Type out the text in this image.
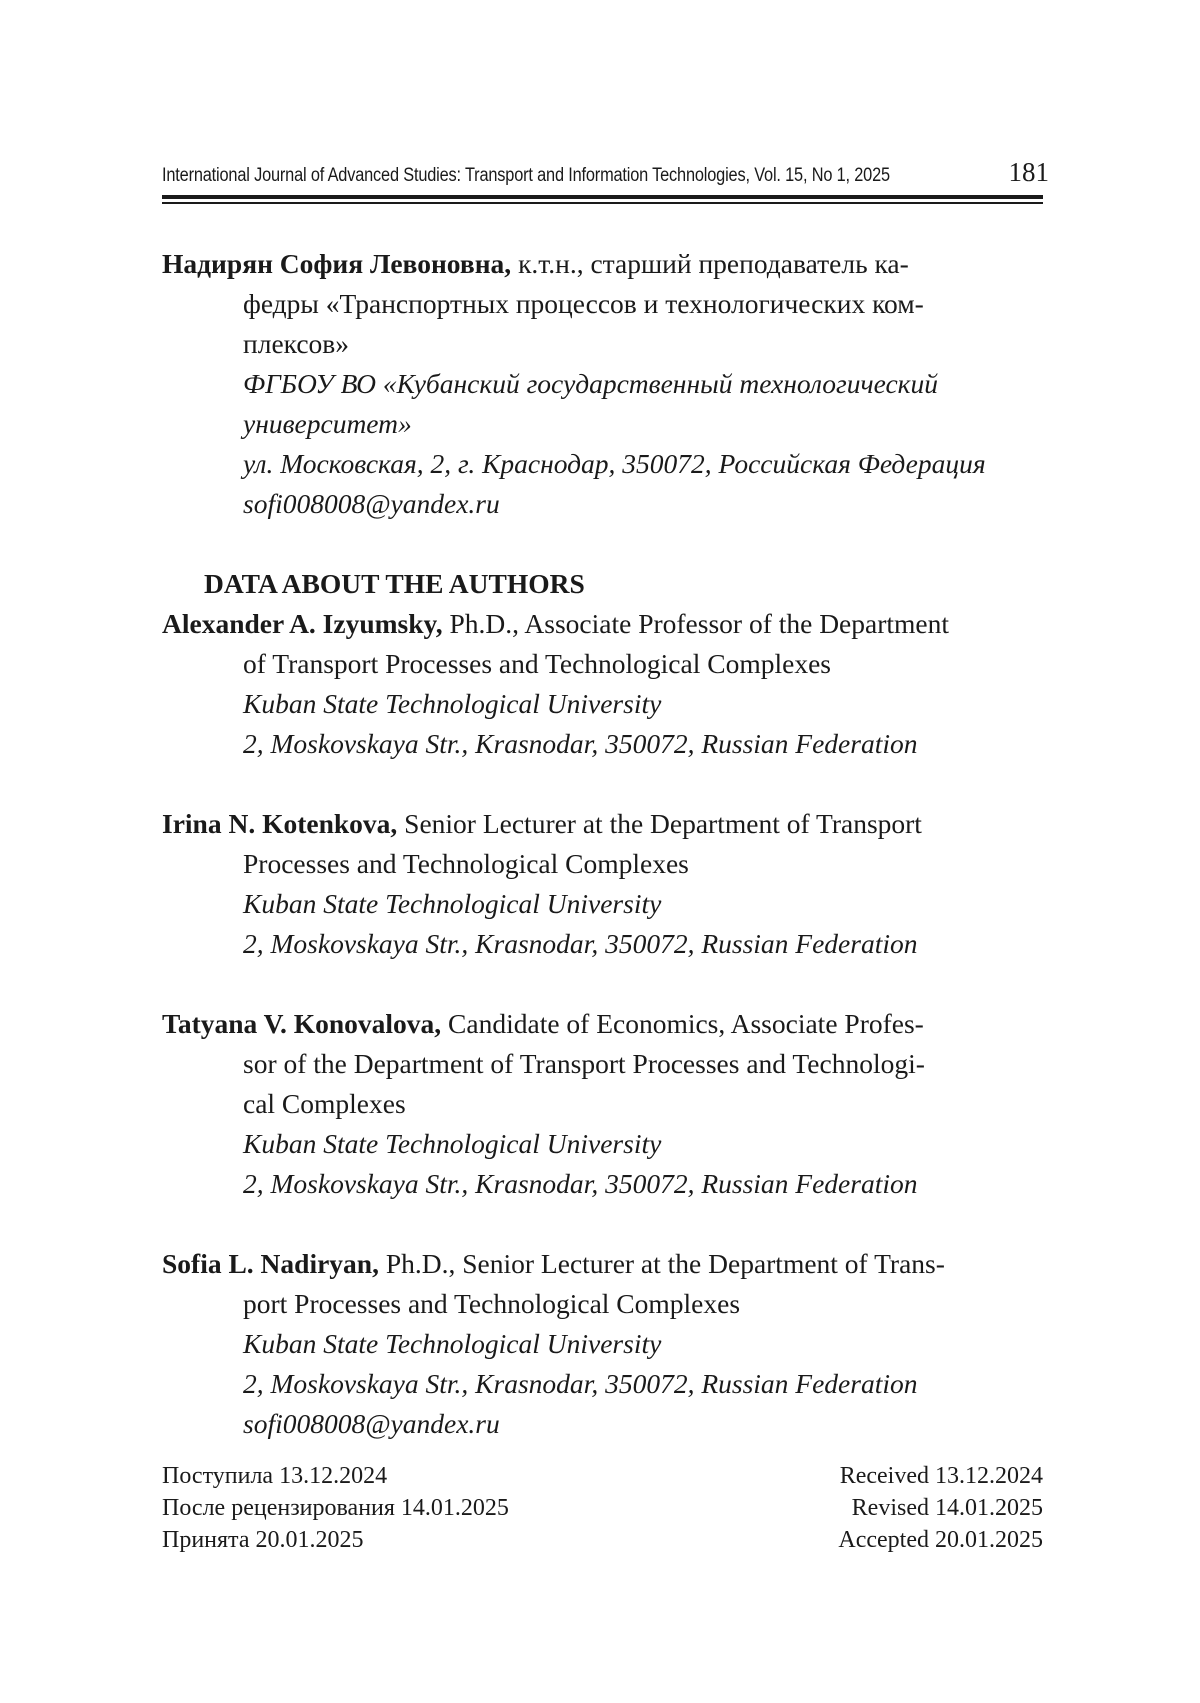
International Journal of Advanced Studies: Transport and Information Technologies, Vol. 15, No 1, 2025	181
Надирян София Левоновна, к.т.н., старший преподаватель ка-
федры «Транспортных процессов и технологических ком-
плексов»
ФГБОУ ВО «Кубанский государственный технологический
университет»
ул. Московская, 2, г. Краснодар, 350072, Российская Федерация
sofi008008@yandex.ru
DATA ABOUT THE AUTHORS
Alexander A. Izyumsky, Ph.D., Associate Professor of the Department
of Transport Processes and Technological Complexes
Kuban State Technological University
2, Moskovskaya Str., Krasnodar, 350072, Russian Federation
Irina N. Kotenkova, Senior Lecturer at the Department of Transport
Processes and Technological Complexes
Kuban State Technological University
2, Moskovskaya Str., Krasnodar, 350072, Russian Federation
Tatyana V. Konovalova, Candidate of Economics, Associate Profes-
sor of the Department of Transport Processes and Technologi-
cal Complexes
Kuban State Technological University
2, Moskovskaya Str., Krasnodar, 350072, Russian Federation
Sofia L. Nadiryan, Ph.D., Senior Lecturer at the Department of Trans-
port Processes and Technological Complexes
Kuban State Technological University
2, Moskovskaya Str., Krasnodar, 350072, Russian Federation
sofi008008@yandex.ru
Поступила 13.12.2024
После рецензирования 14.01.2025
Принята 20.01.2025
Received 13.12.2024
Revised 14.01.2025
Accepted 20.01.2025
